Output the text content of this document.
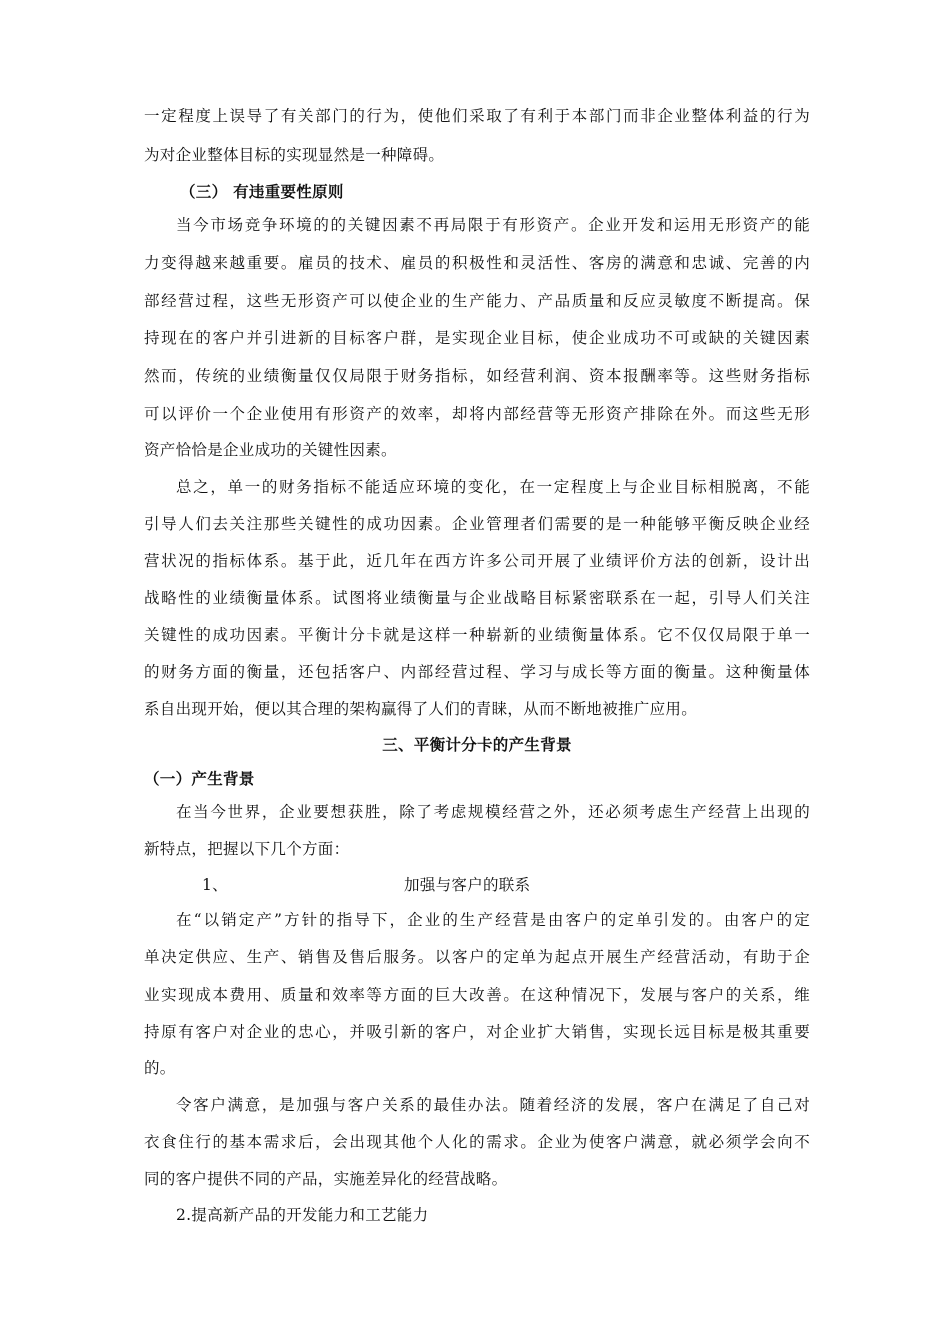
一定程度上误导了有关部门的行为，使他们采取了有利于本部门而非企业整体利益的行为
为对企业整体目标的实现显然是一种障碍。
（三） 有违重要性原则
当今市场竞争环境的的关键因素不再局限于有形资产。企业开发和运用无形资产的能
力变得越来越重要。雇员的技术、雇员的积极性和灵活性、客房的满意和忠诚、完善的内
部经营过程，这些无形资产可以使企业的生产能力、产品质量和反应灵敏度不断提高。保
持现在的客户并引进新的目标客户群，是实现企业目标，使企业成功不可或缺的关键因素
然而，传统的业绩衡量仅仅局限于财务指标，如经营利润、资本报酬率等。这些财务指标
可以评价一个企业使用有形资产的效率，却将内部经营等无形资产排除在外。而这些无形
资产恰恰是企业成功的关键性因素。
总之，单一的财务指标不能适应环境的变化，在一定程度上与企业目标相脱离，不能
引导人们去关注那些关键性的成功因素。企业管理者们需要的是一种能够平衡反映企业经
营状况的指标体系。基于此，近几年在西方许多公司开展了业绩评价方法的创新，设计出
战略性的业绩衡量体系。试图将业绩衡量与企业战略目标紧密联系在一起，引导人们关注
关键性的成功因素。平衡计分卡就是这样一种崭新的业绩衡量体系。它不仅仅局限于单一
的财务方面的衡量，还包括客户、内部经营过程、学习与成长等方面的衡量。这种衡量体
系自出现开始，便以其合理的架构赢得了人们的青睐，从而不断地被推广应用。
三、平衡计分卡的产生背景
（一）产生背景
在当今世界，企业要想获胜，除了考虑规模经营之外，还必须考虑生产经营上出现的
新特点，把握以下几个方面：
1、	加强与客户的联系
在“以销定产”方针的指导下，企业的生产经营是由客户的定单引发的。由客户的定
单决定供应、生产、销售及售后服务。以客户的定单为起点开展生产经营活动，有助于企
业实现成本费用、质量和效率等方面的巨大改善。在这种情况下，发展与客户的关系，维
持原有客户对企业的忠心，并吸引新的客户，对企业扩大销售，实现长远目标是极其重要
的。
令客户满意，是加强与客户关系的最佳办法。随着经济的发展，客户在满足了自己对
衣食住行的基本需求后，会出现其他个人化的需求。企业为使客户满意，就必须学会向不
同的客户提供不同的产品，实施差异化的经营战略。
2.提高新产品的开发能力和工艺能力
